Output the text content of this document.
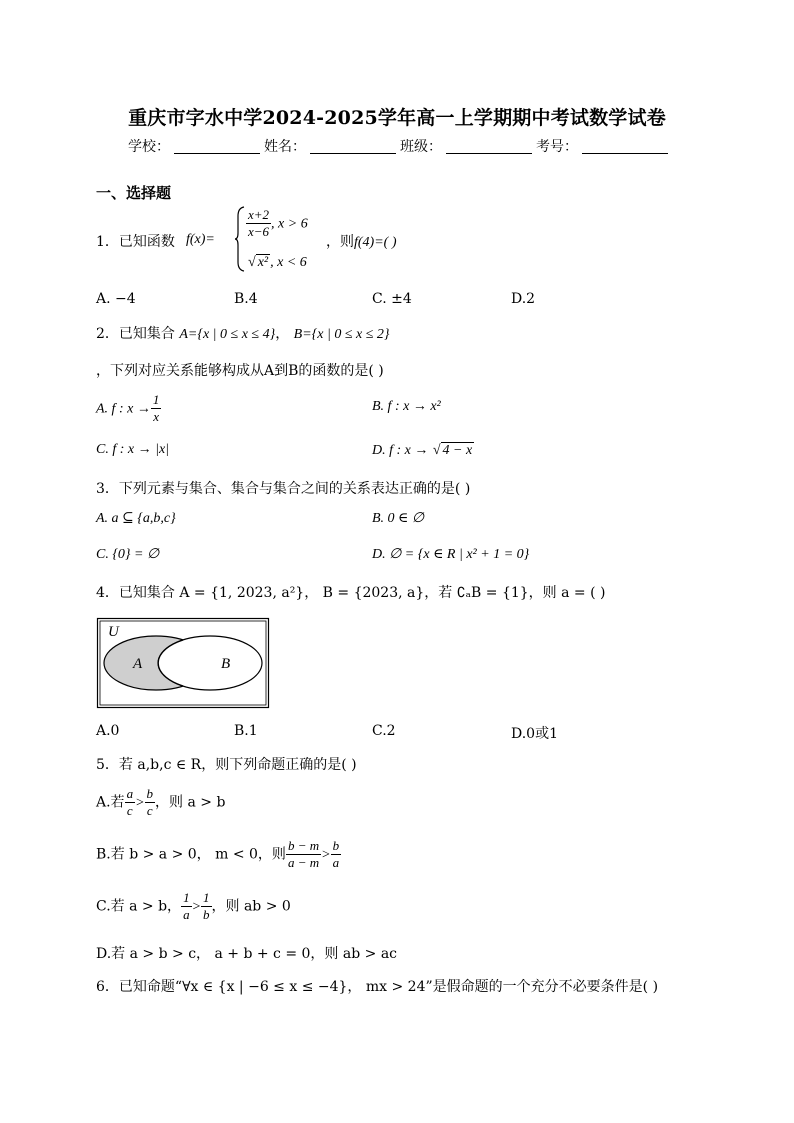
重庆市字水中学2024-2025学年高一上学期期中考试数学试卷
学校：	姓名：	班级：	考号：
一、选择题
1．已知函数 $f(x)= \frac{x+2}{x-6}$ , x > 6
√ x² , x < 6
，则f(4)=( )
A. −4	B.4	C. ±4	D.2
2．已知集合 A={x | 0 ≤ x ≤ 4}， B={x | 0 ≤ x ≤ 2}
，下列对应关系能够构成从A到B的函数的是( )
A. f : $x \to \frac{1}{x}$	B. f : x → x²
C. f : x → |x|	D. f : x → √ 4 − x
3．下列元素与集合、集合与集合之间的关系表达正确的是( )
A. a ⊆ {a,b,c}	B. 0 ∈ ∅
C. {0} = ∅	D. ∅ = {x ∈ R | x² + 1 = 0}
4．已知集合 A = {1, 2023, a²}， B = {2023, a}，若 ∁ₐB = {1}，则 a = ( )
U
A	B
A.0	B.1	C.2	D.0或1
5．若 a,b,c ∈ R，则下列命题正确的是( )
A.若 $\frac{a}{c} > \frac{b}{c}$ ，则 a > b
B.若 b > a > 0， m < 0，则 $\frac{b - m}{a - m} > \frac{b}{a}$
C.若 a > b， $\frac{1}{a} > \frac{1}{b}$ ，则 ab > 0
D.若 a > b > c， a + b + c = 0，则 ab > ac
6．已知命题“∀x ∈ {x | −6 ≤ x ≤ −4}， mx > 24”是假命题的一个充分不必要条件是( )
